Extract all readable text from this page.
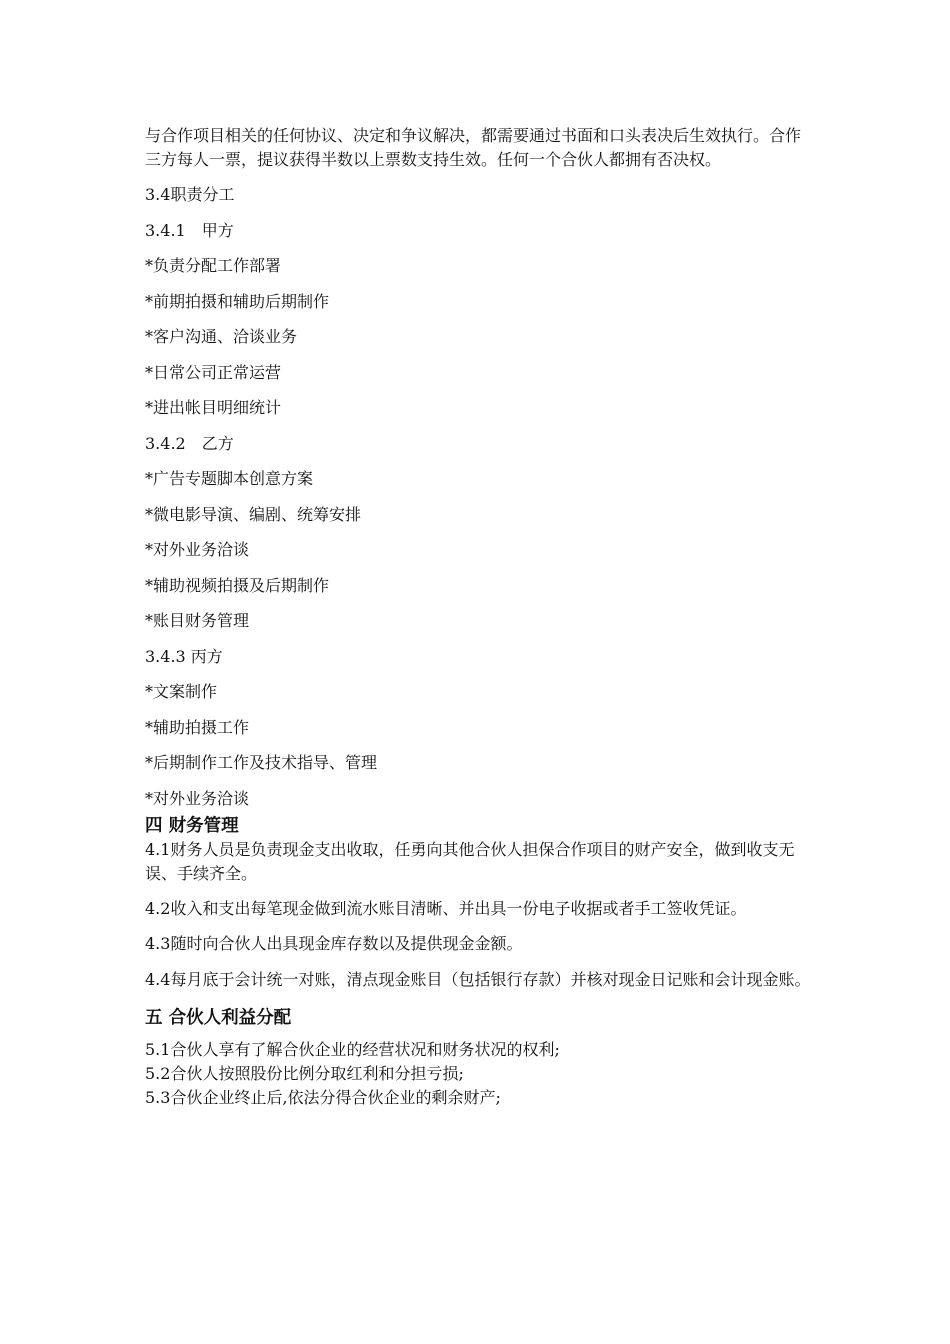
与合作项目相关的任何协议、决定和争议解决，都需要通过书面和口头表决后生效执行。合作三方每人一票，提议获得半数以上票数支持生效。任何一个合伙人都拥有否决权。

3.4职责分工

3.4.1　甲方

*负责分配工作部署

*前期拍摄和辅助后期制作

*客户沟通、洽谈业务

*日常公司正常运营

*进出帐目明细统计

3.4.2　乙方

*广告专题脚本创意方案

*微电影导演、编剧、统筹安排

*对外业务洽谈

*辅助视频拍摄及后期制作

*账目财务管理

3.4.3 丙方

*文案制作

*辅助拍摄工作

*后期制作工作及技术指导、管理

*对外业务洽谈

四 财务管理

4.1财务人员是负责现金支出收取，任勇向其他合伙人担保合作项目的财产安全，做到收支无误、手续齐全。

4.2收入和支出每笔现金做到流水账目清晰、并出具一份电子收据或者手工签收凭证。

4.3随时向合伙人出具现金库存数以及提供现金金额。

4.4每月底于会计统一对账，清点现金账目（包括银行存款）并核对现金日记账和会计现金账。

五 合伙人利益分配

5.1合伙人享有了解合伙企业的经营状况和财务状况的权利;

5.2合伙人按照股份比例分取红利和分担亏损;

5.3合伙企业终止后,依法分得合伙企业的剩余财产;
